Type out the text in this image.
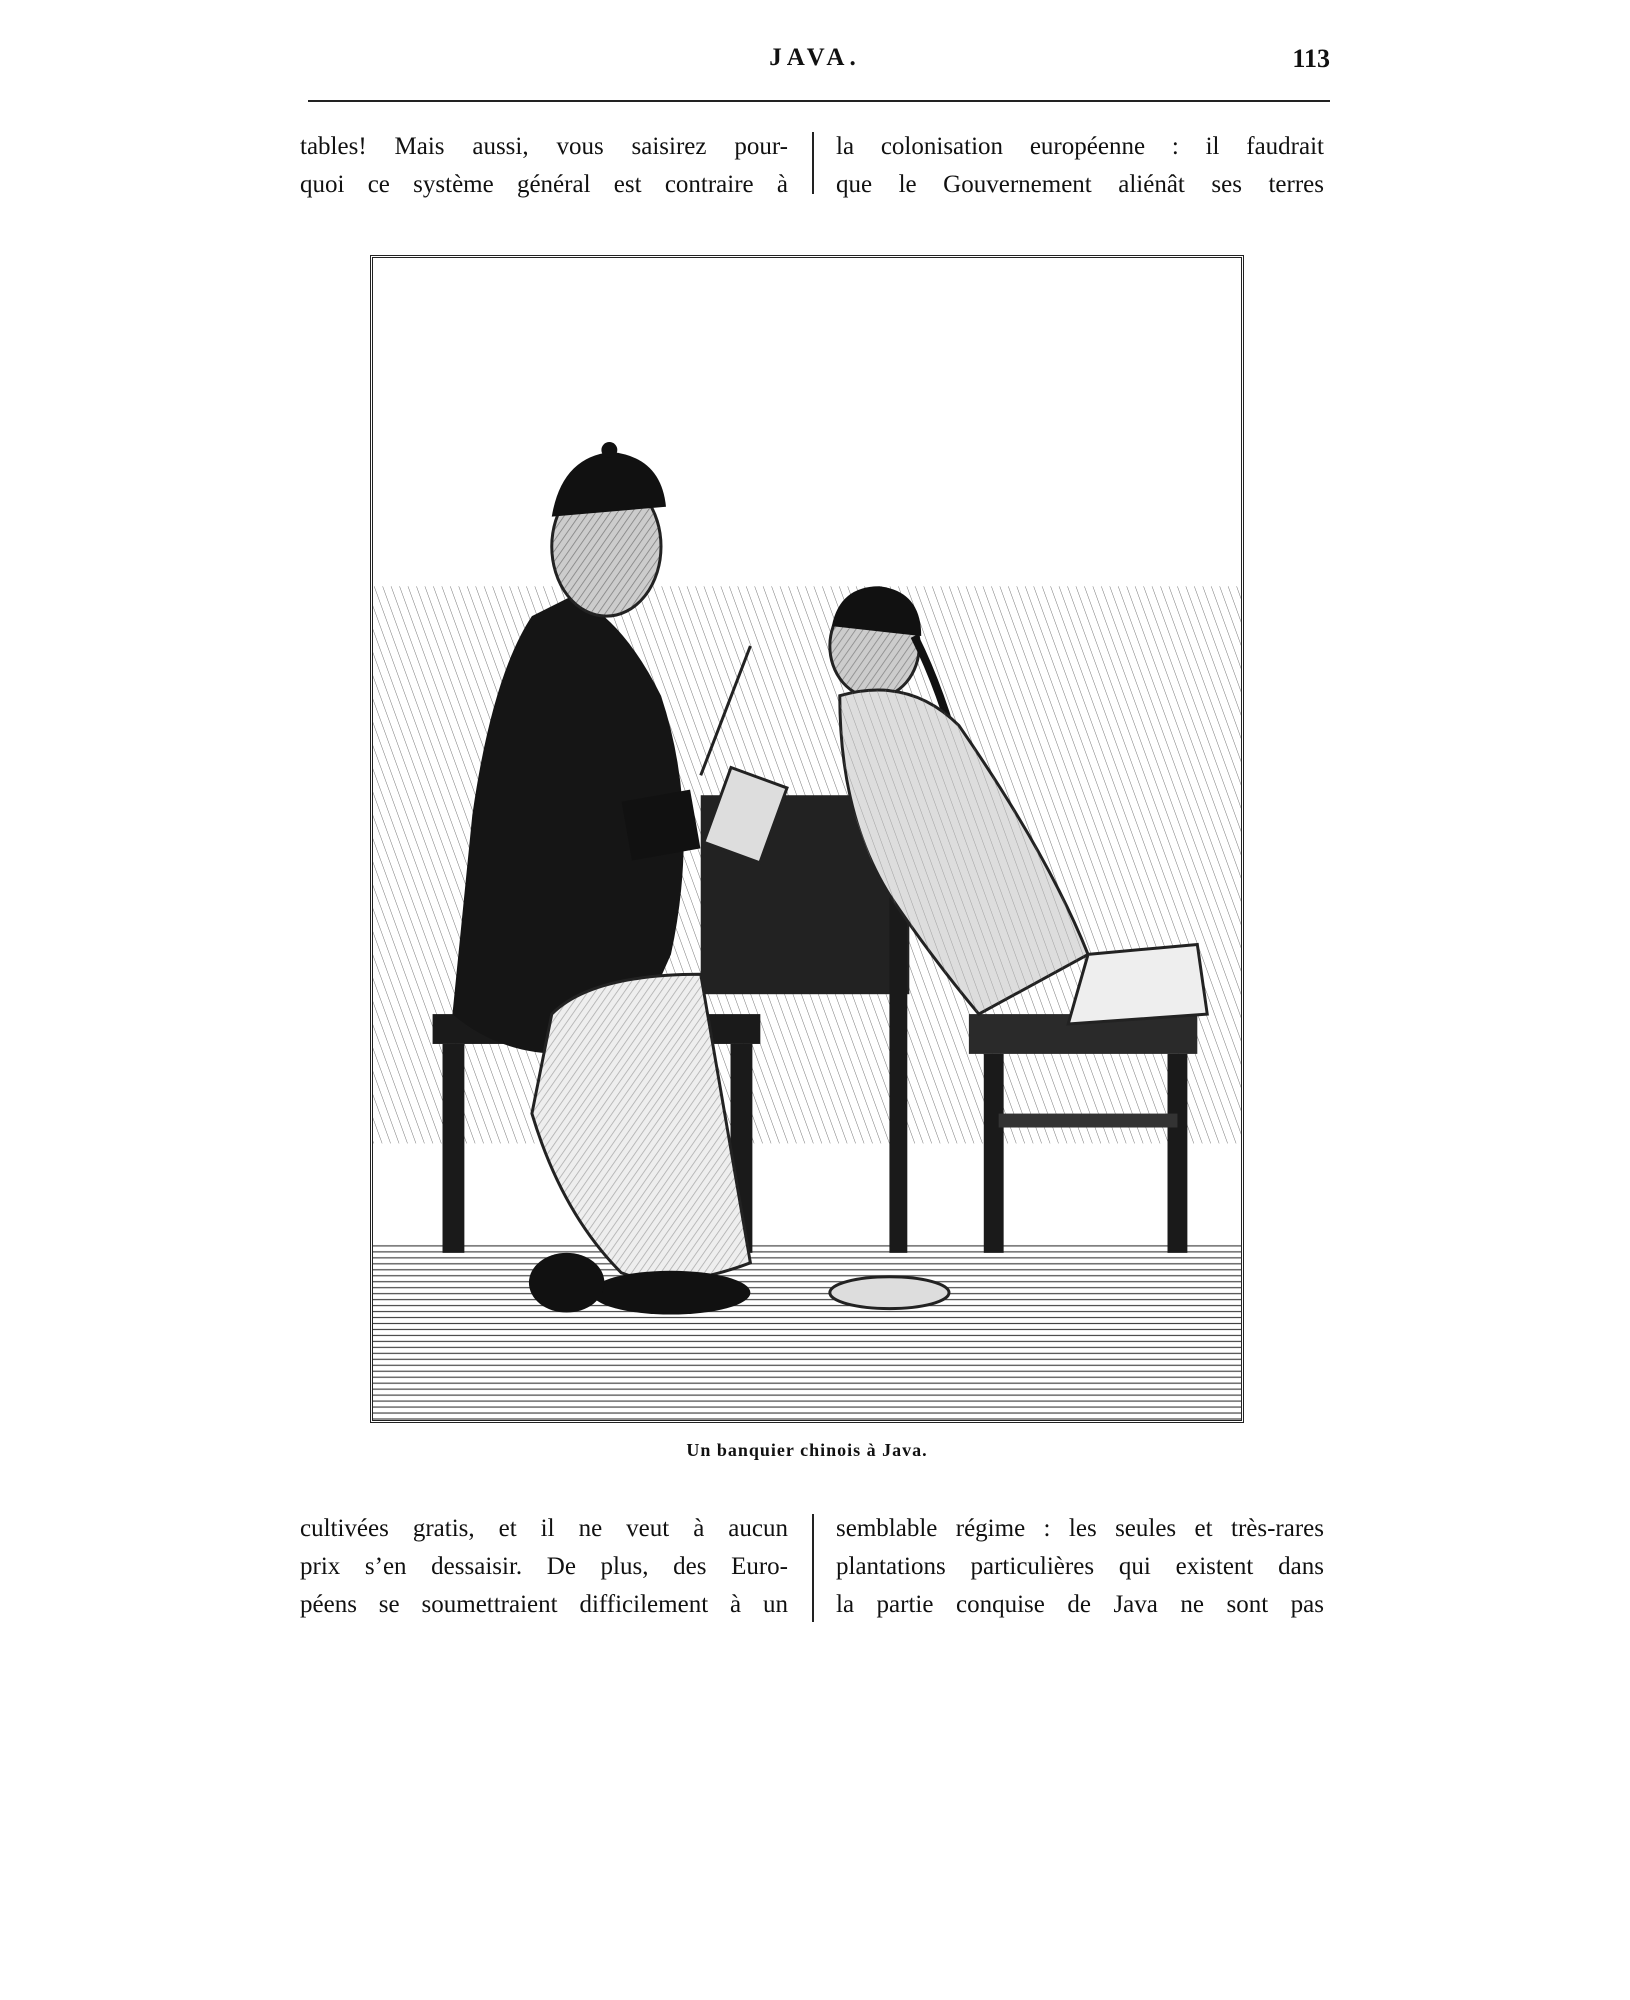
JAVA.	113

tables! Mais aussi, vous saisirez pour-

quoi ce système général est contraire à

la colonisation européenne : il faudrait

que le Gouvernement aliénât ses terres

Un banquier chinois à Java.

cultivées gratis, et il ne veut à aucun

prix s’en dessaisir. De plus, des Euro-

péens se soumettraient difficilement à un

semblable régime : les seules et très-rares

plantations particulières qui existent dans

la partie conquise de Java ne sont pas
